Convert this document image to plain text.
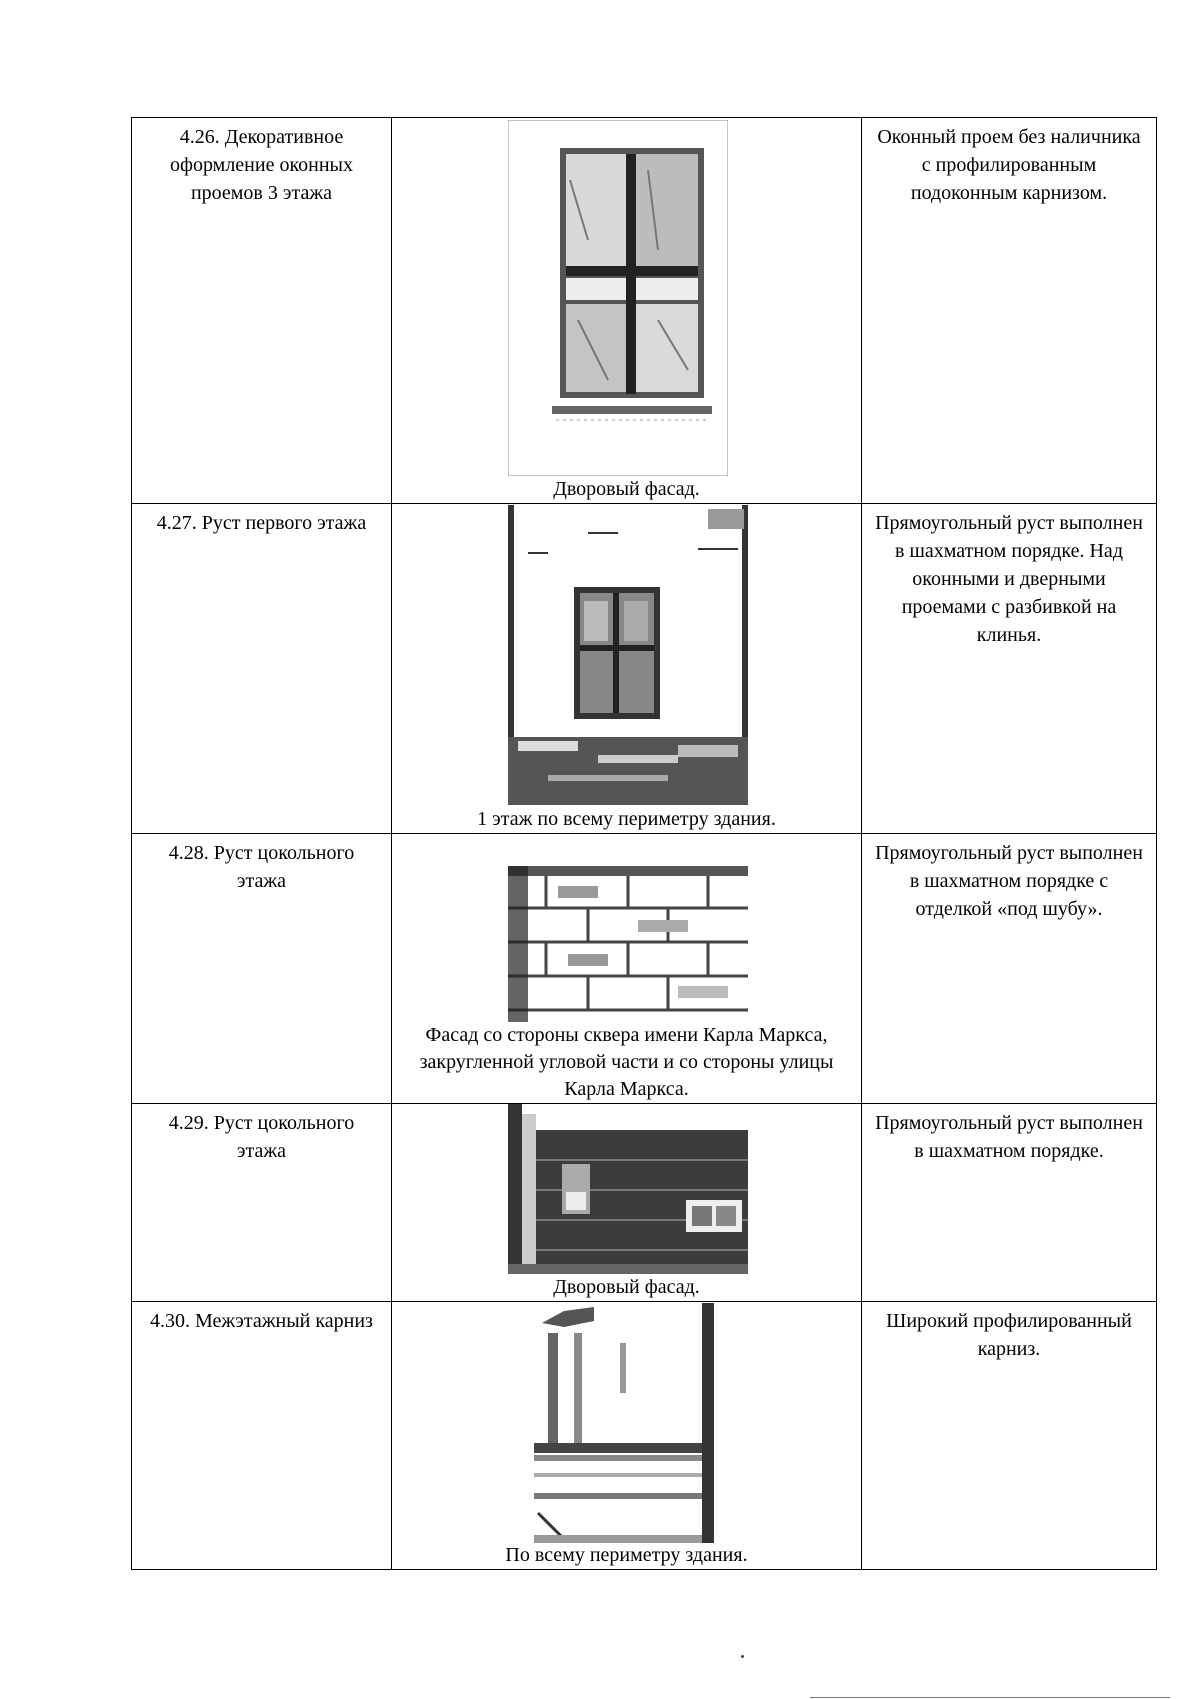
4.26. Декоративное оформление оконных проемов 3 этажа	Дворовый фасад.	Оконный проем без наличника с профилированным подоконным карнизом.

4.27. Руст первого этажа	1 этаж по всему периметру здания.	Прямоугольный руст выполнен в шахматном порядке. Над оконными и дверными проемами с разбивкой на клинья.

4.28. Руст цокольного этажа	Фасад со стороны сквера имени Карла Маркса, закругленной угловой части и со стороны улицы Карла Маркса.	Прямоугольный руст выполнен в шахматном порядке с отделкой «под шубу».

4.29. Руст цокольного этажа	Дворовый фасад.	Прямоугольный руст выполнен в шахматном порядке.

4.30. Межэтажный карниз	По всему периметру здания.	Широкий профилированный карниз.
